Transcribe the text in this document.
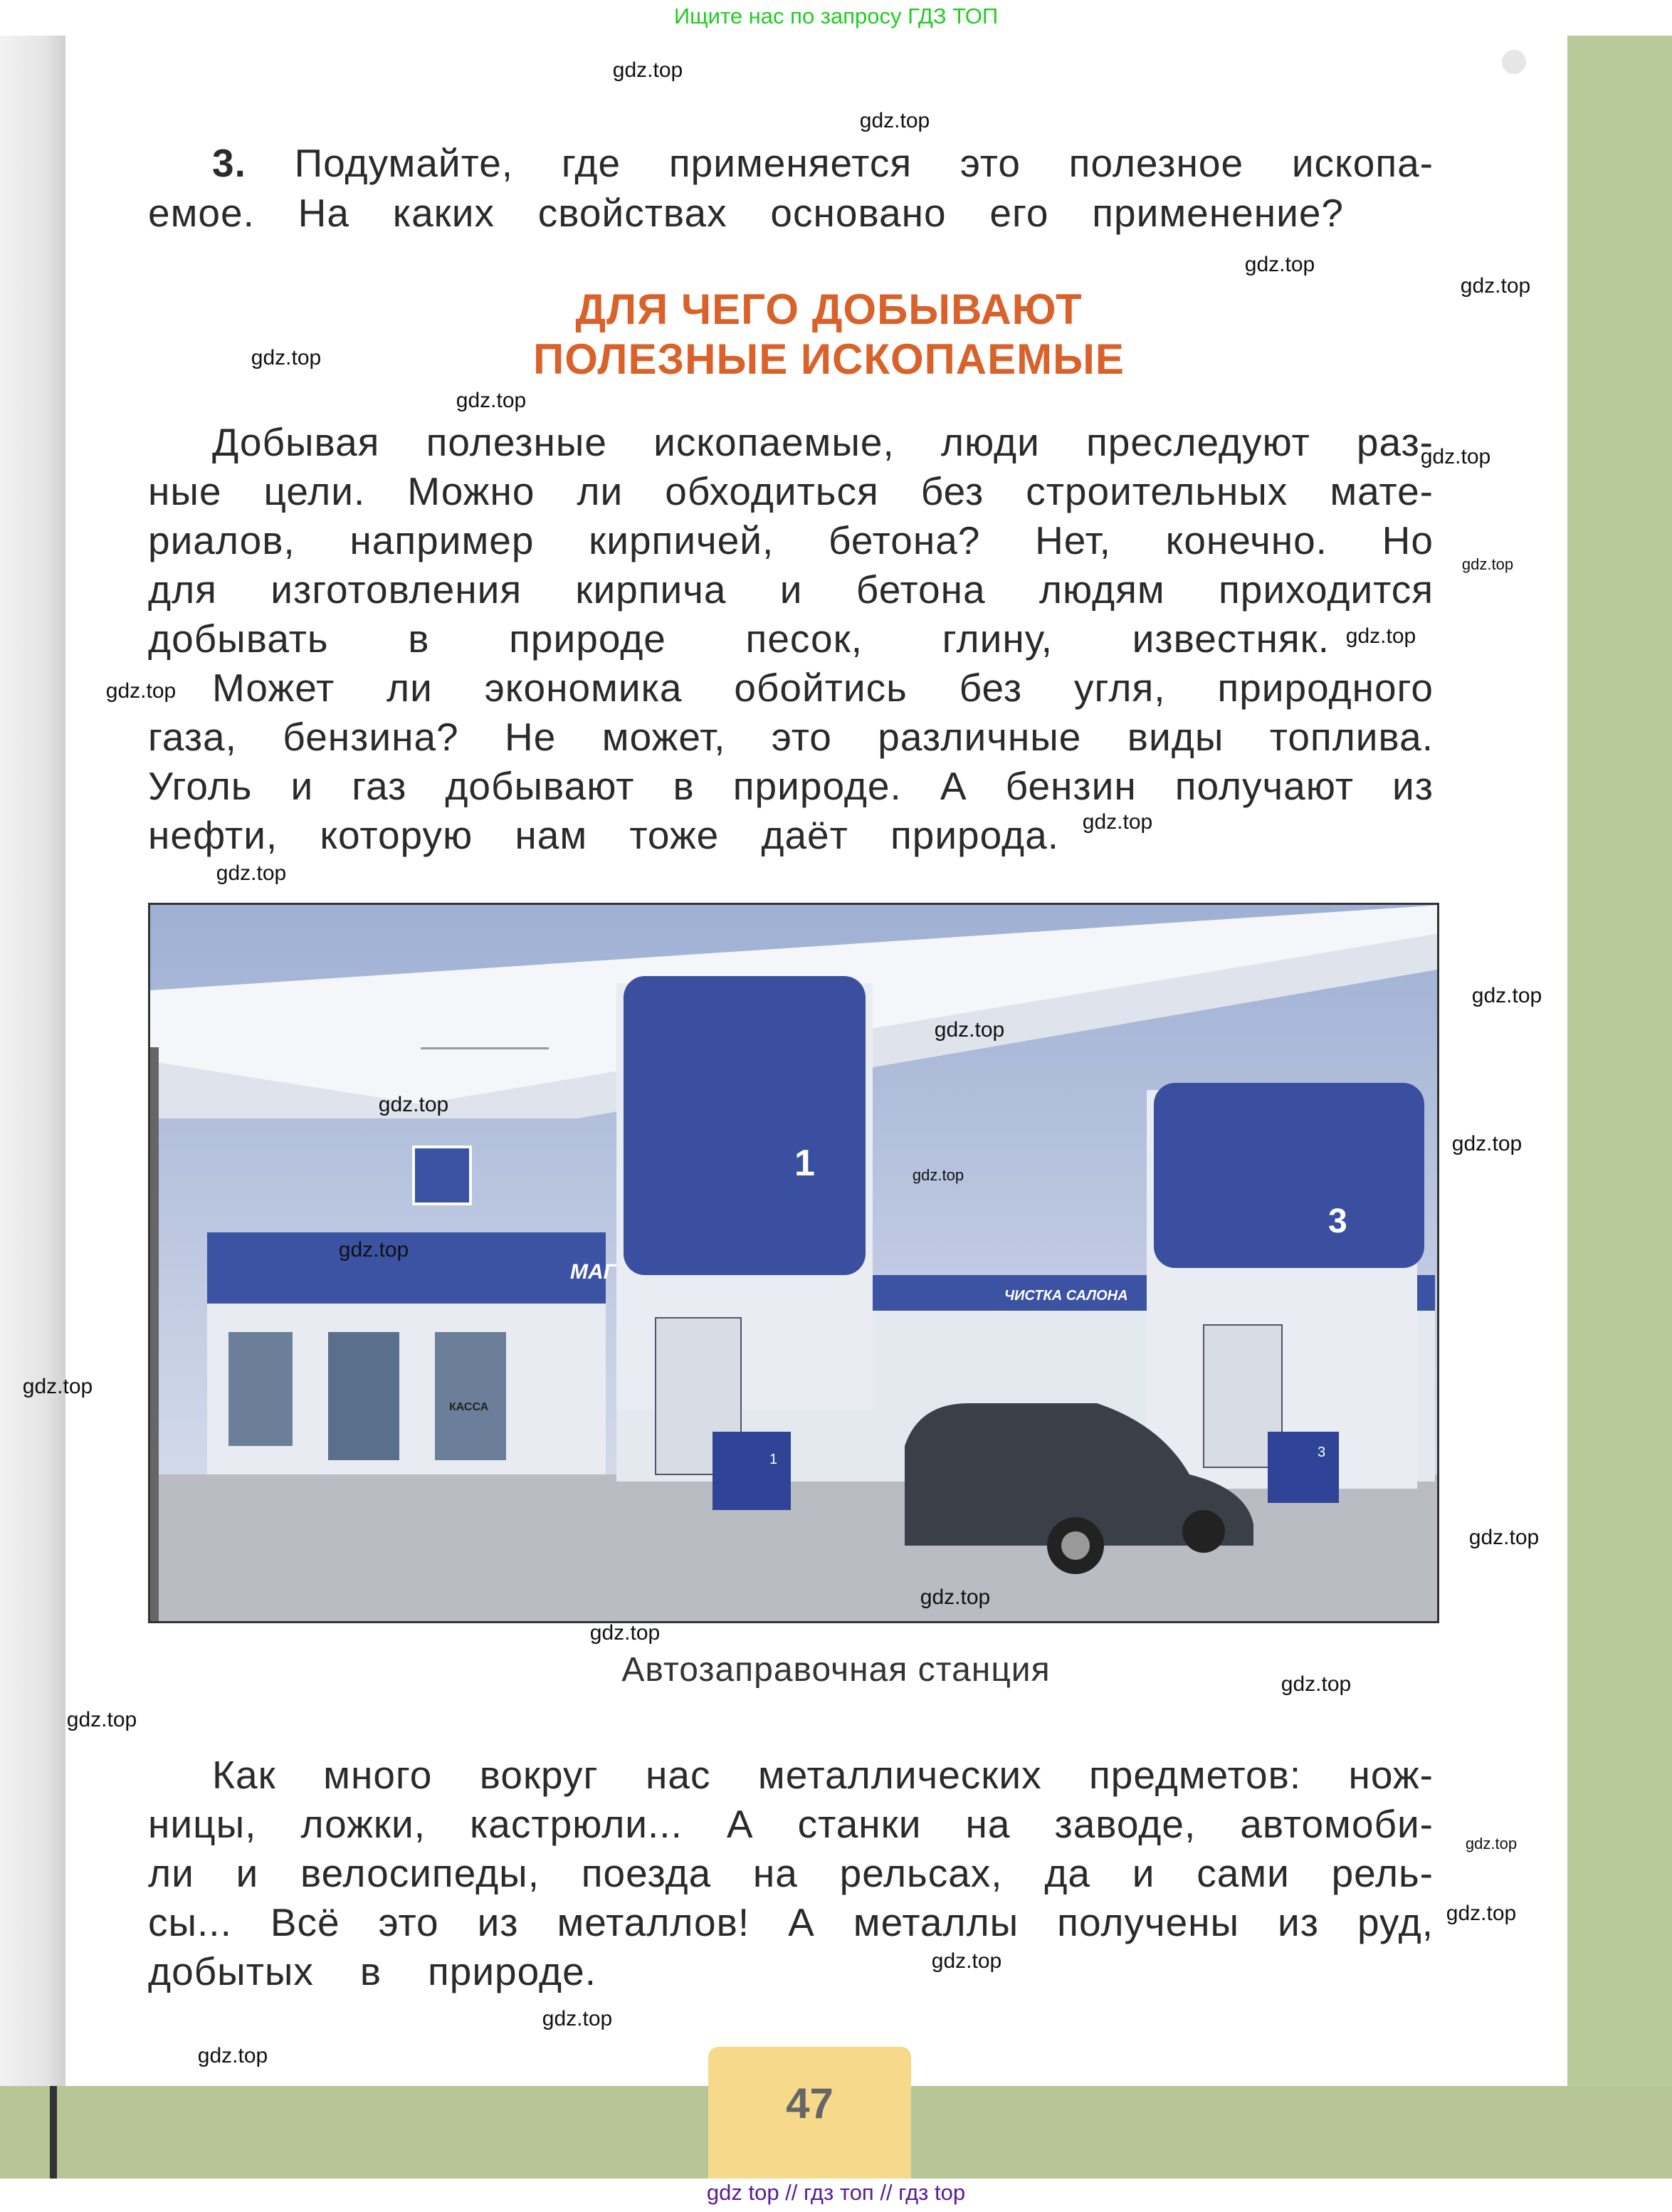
Ищите нас по запросу ГДЗ ТОП
47
3. Подумайте, где применяется это полезное ископа-
емое. На каких свойствах основано его применение?
ДЛЯ ЧЕГО ДОБЫВАЮТ
ПОЛЕЗНЫЕ ИСКОПАЕМЫЕ
Добывая полезные ископаемые, люди преследуют раз-
ные цели. Можно ли обходиться без строительных мате-
риалов, например кирпичей, бетона? Нет, конечно. Но
для изготовления кирпича и бетона людям приходится
добывать в природе песок, глину, известняк.
Может ли экономика обойтись без угля, природного
газа, бензина? Не может, это различные виды топлива.
Уголь и газ добывают в природе. А бензин получают из
нефти, которую нам тоже даёт природа.
МАГ
КАССА
ЧИСТКА САЛОНА
1
3
1	3
Автозаправочная станция
Как много вокруг нас металлических предметов: нож-
ницы, ложки, кастрюли... А станки на заводе, автомоби-
ли и велосипеды, поезда на рельсах, да и сами рель-
сы... Всё это из металлов! А металлы получены из руд,
добытых в природе.
gdz.top
gdz.top
gdz.top
gdz.top
gdz.top
gdz.top
gdz.top
gdz.top
gdz.top
gdz.top
gdz.top
gdz.top
gdz.top
gdz.top
gdz.top
gdz.top
gdz.top
gdz.top
gdz.top
gdz.top
gdz.top
gdz.top
gdz.top
gdz.top
gdz.top
gdz.top
gdz.top
gdz.top
gdz.top
gdz top // гдз топ // гдз top
